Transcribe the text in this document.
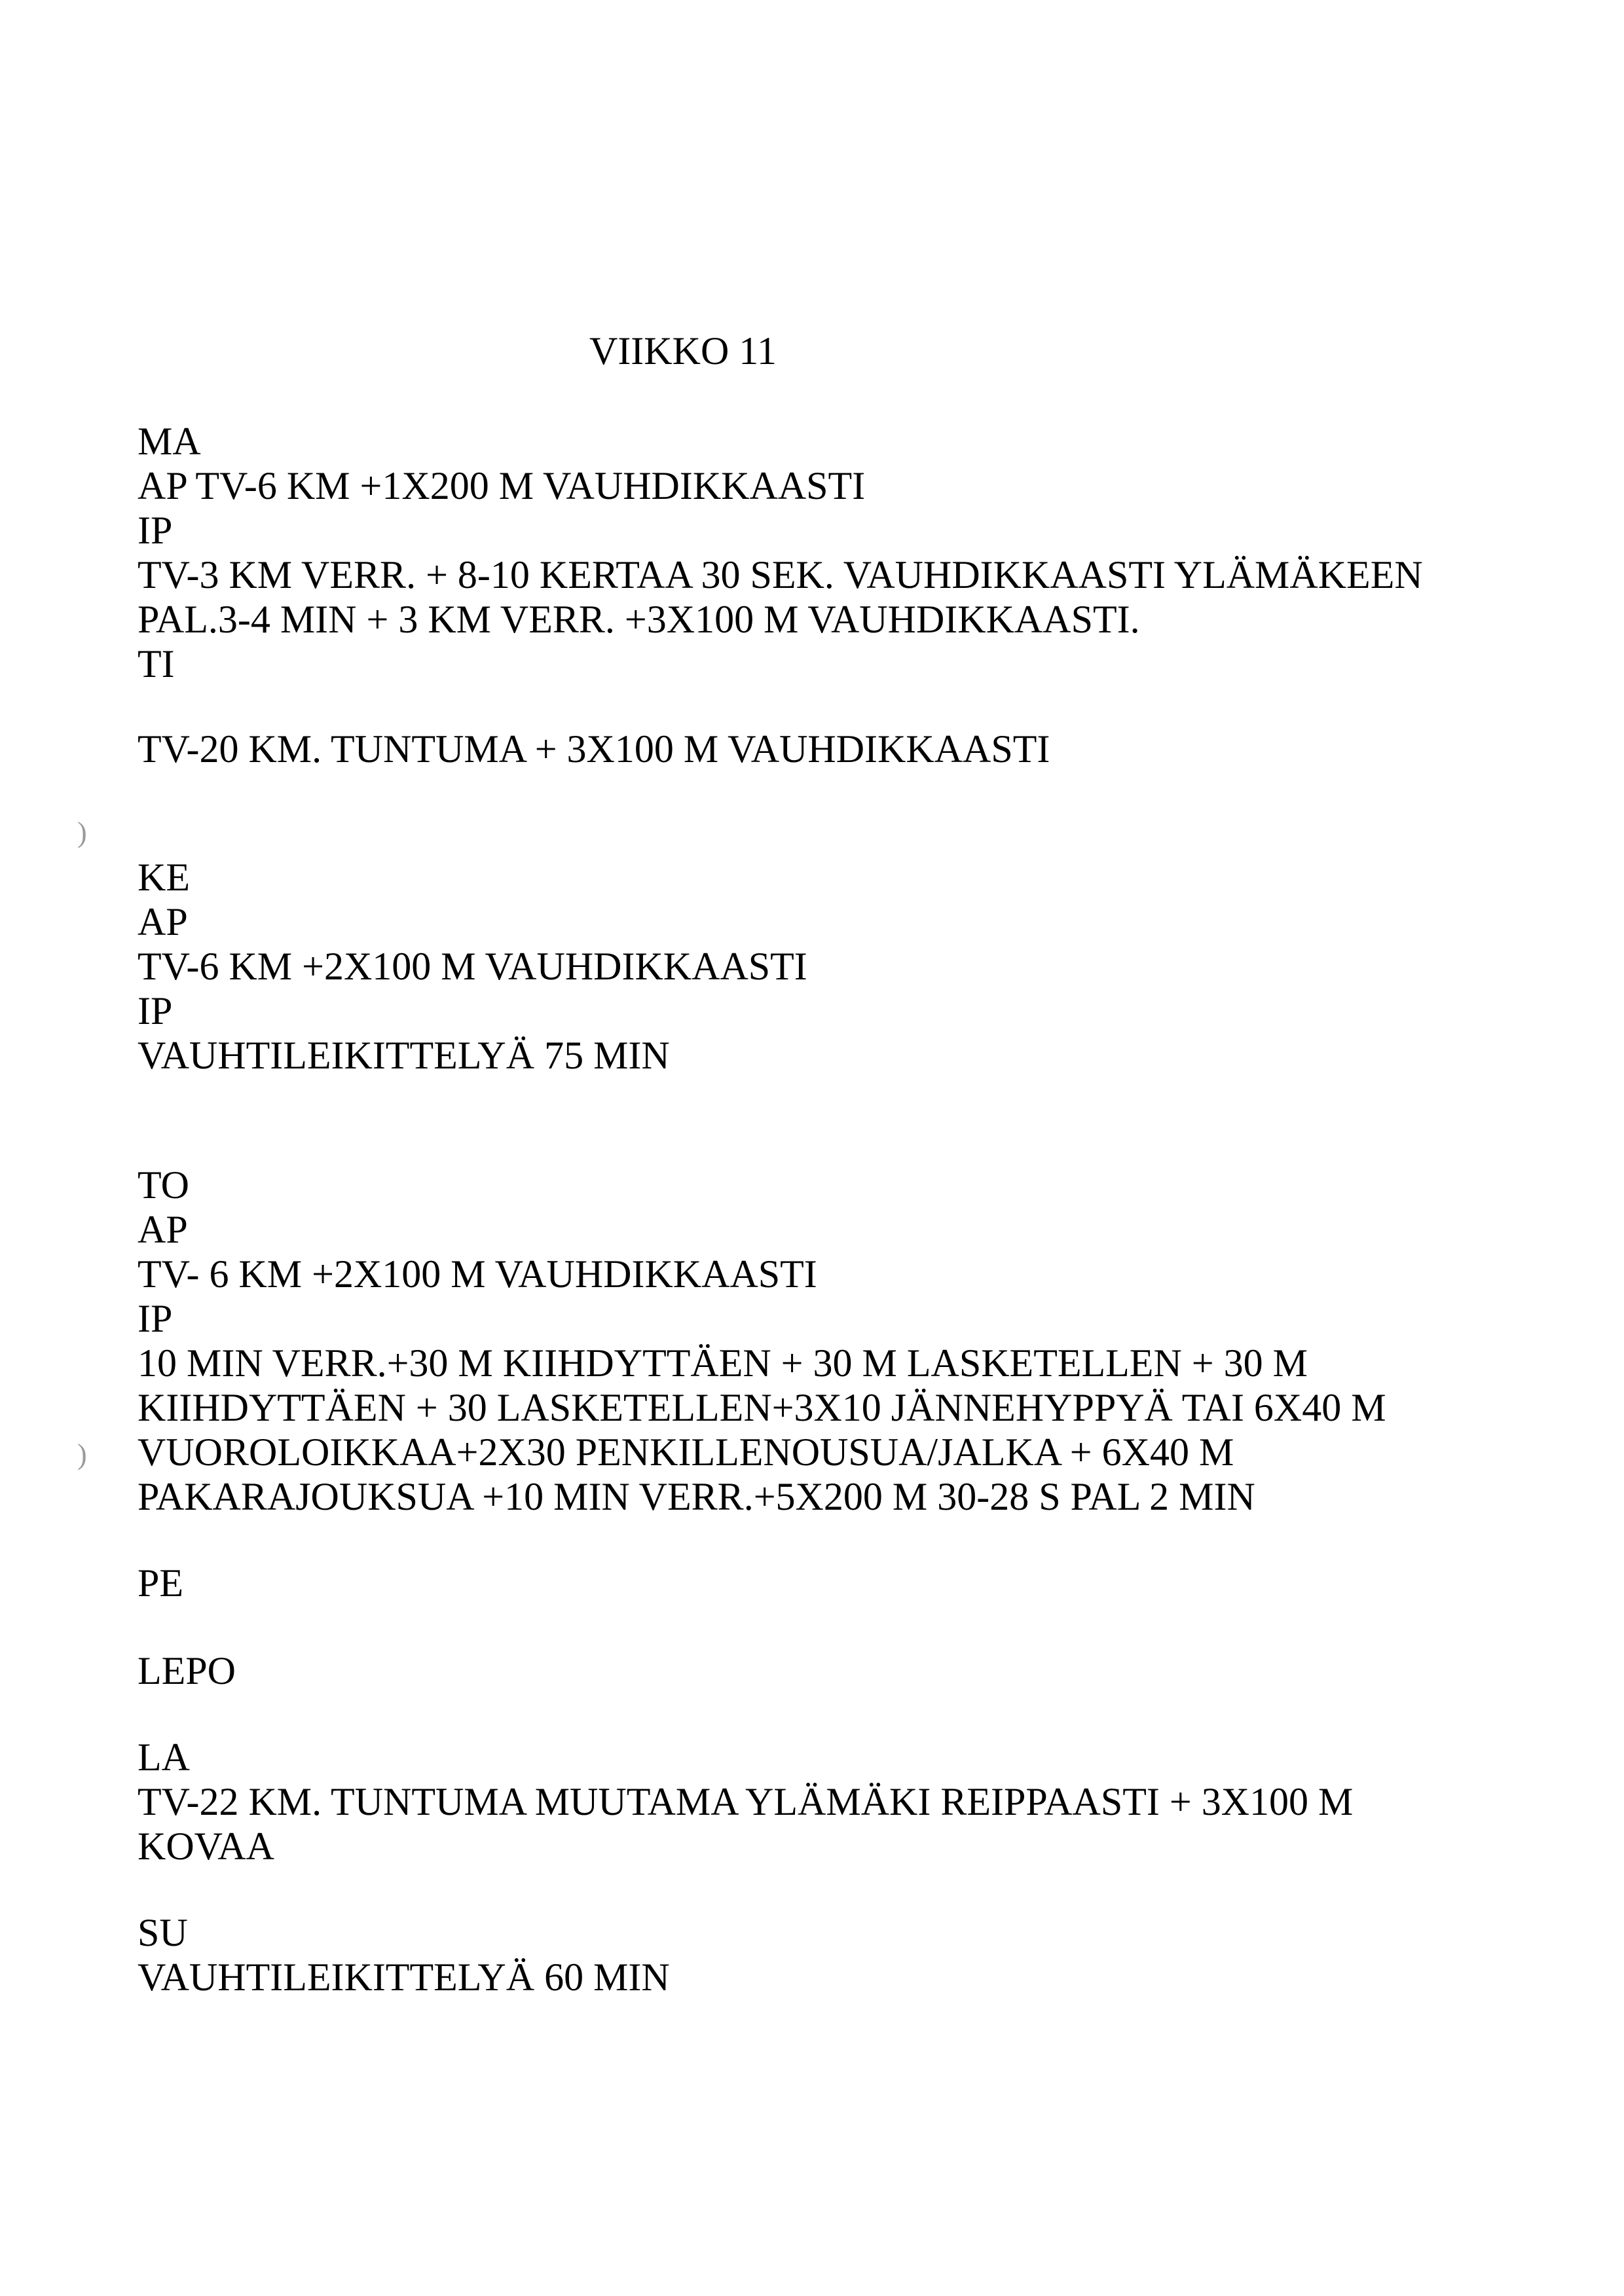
VIIKKO 11
MA
AP TV-6 KM +1X200 M VAUHDIKKAASTI
IP
TV-3 KM VERR. + 8-10 KERTAA 30 SEK. VAUHDIKKAASTI YLÄMÄKEEN
PAL.3-4 MIN + 3 KM VERR. +3X100 M VAUHDIKKAASTI.
TI
TV-20 KM. TUNTUMA + 3X100 M VAUHDIKKAASTI
KE
AP
TV-6 KM +2X100 M VAUHDIKKAASTI
IP
VAUHTILEIKITTELYÄ 75 MIN
TO
AP
TV- 6 KM +2X100 M VAUHDIKKAASTI
IP
10 MIN VERR.+30 M KIIHDYTTÄEN + 30 M LASKETELLEN + 30 M
KIIHDYTTÄEN + 30 LASKETELLEN+3X10 JÄNNEHYPPYÄ TAI 6X40 M
VUOROLOIKKAA+2X30 PENKILLENOUSUA/JALKA + 6X40 M
PAKARAJOUKSUA +10 MIN VERR.+5X200 M 30-28 S PAL 2 MIN
PE
LEPO
LA
TV-22 KM. TUNTUMA MUUTAMA YLÄMÄKI REIPPAASTI + 3X100 M
KOVAA
SU
VAUHTILEIKITTELYÄ 60 MIN
)
)
